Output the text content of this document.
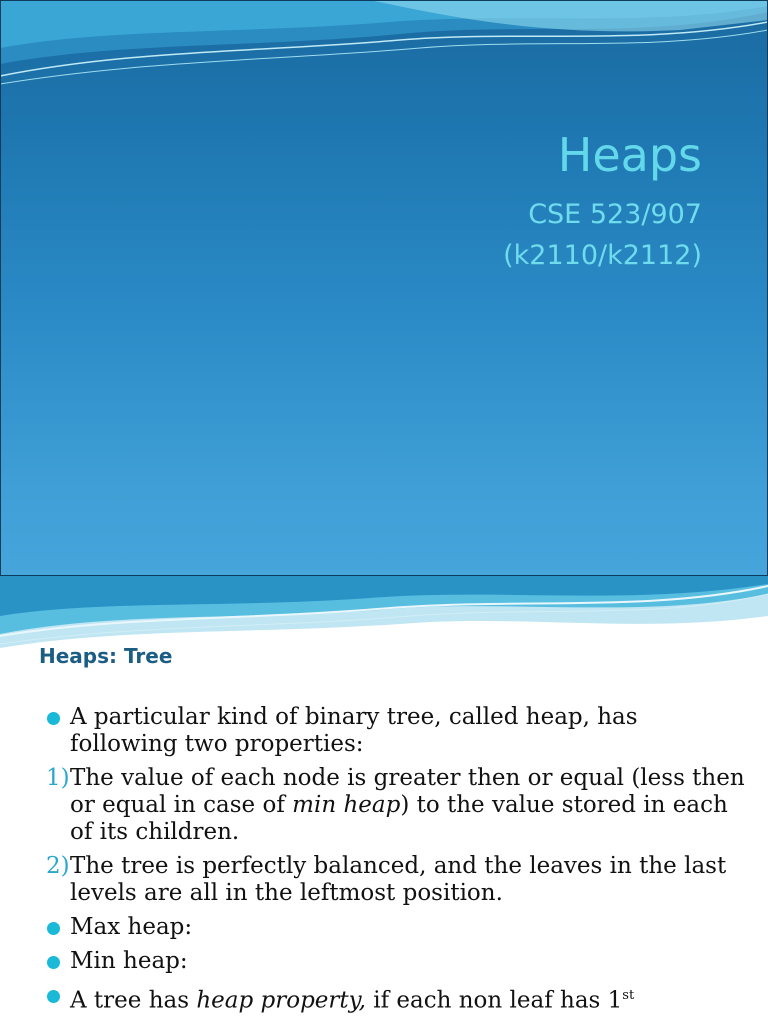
Heaps
CSE 523/907
(k2110/k2112)
Heaps: Tree
A particular kind of binary tree, called heap, has following two properties:
1) The value of each node is greater then or equal (less then or equal in case of min heap) to the value stored in each of its children.
2) The tree is perfectly balanced, and the leaves in the last levels are all in the leftmost position.
Max heap:
Min heap:
A tree has heap property, if each non leaf has 1st
